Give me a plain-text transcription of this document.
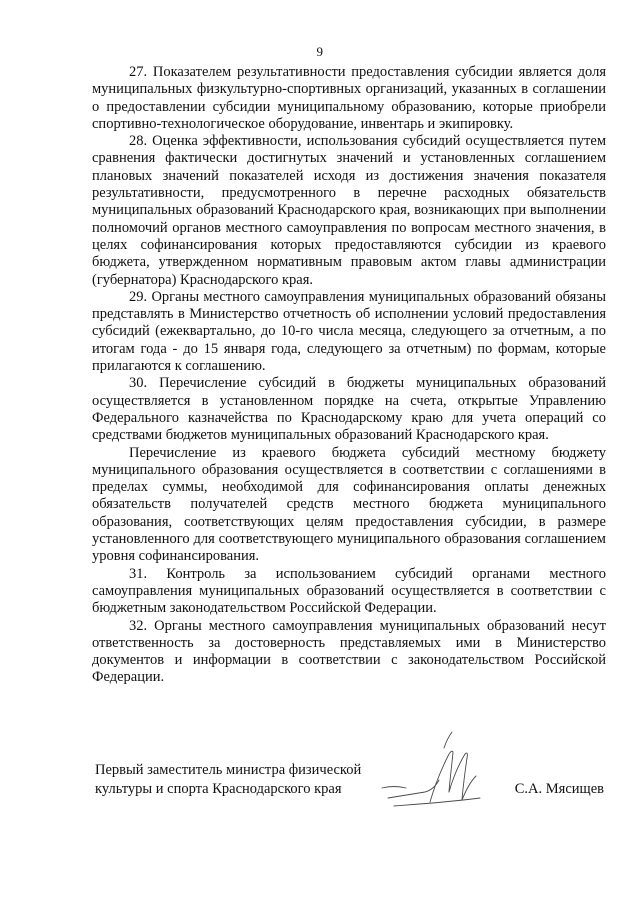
9

27. Показателем результативности предоставления субсидии является доля муниципальных физкультурно-спортивных организаций, указанных в соглашении о предоставлении субсидии муниципальному образованию, которые приобрели спортивно-технологическое оборудование, инвентарь и экипировку.

28. Оценка эффективности, использования субсидий осуществляется путем сравнения фактически достигнутых значений и установленных соглашением плановых значений показателей исходя из достижения значения показателя результативности, предусмотренного в перечне расходных обязательств муниципальных образований Краснодарского края, возникающих при выполнении полномочий органов местного самоуправления по вопросам местного значения, в целях софинансирования которых предоставляются субсидии из краевого бюджета, утвержденном нормативным правовым актом главы администрации (губернатора) Краснодарского края.

29. Органы местного самоуправления муниципальных образований обязаны представлять в Министерство отчетность об исполнении условий предоставления субсидий (ежеквартально, до 10-го числа месяца, следующего за отчетным, а по итогам года - до 15 января года, следующего за отчетным) по формам, которые прилагаются к соглашению.

30. Перечисление субсидий в бюджеты муниципальных образований осуществляется в установленном порядке на счета, открытые Управлению Федерального казначейства по Краснодарскому краю для учета операций со средствами бюджетов муниципальных образований Краснодарского края.

Перечисление из краевого бюджета субсидий местному бюджету муниципального образования осуществляется в соответствии с соглашениями в пределах суммы, необходимой для софинансирования оплаты денежных обязательств получателей средств местного бюджета муниципального образования, соответствующих целям предоставления субсидии, в размере установленного для соответствующего муниципального образования соглашением уровня софинансирования.

31. Контроль за использованием субсидий органами местного самоуправления муниципальных образований осуществляется в соответствии с бюджетным законодательством Российской Федерации.

32. Органы местного самоуправления муниципальных образований несут ответственность за достоверность представляемых ими в Министерство документов и информации в соответствии с законодательством Российской Федерации.

Первый заместитель министра физической
культуры и спорта Краснодарского края	С.А. Мясищев
